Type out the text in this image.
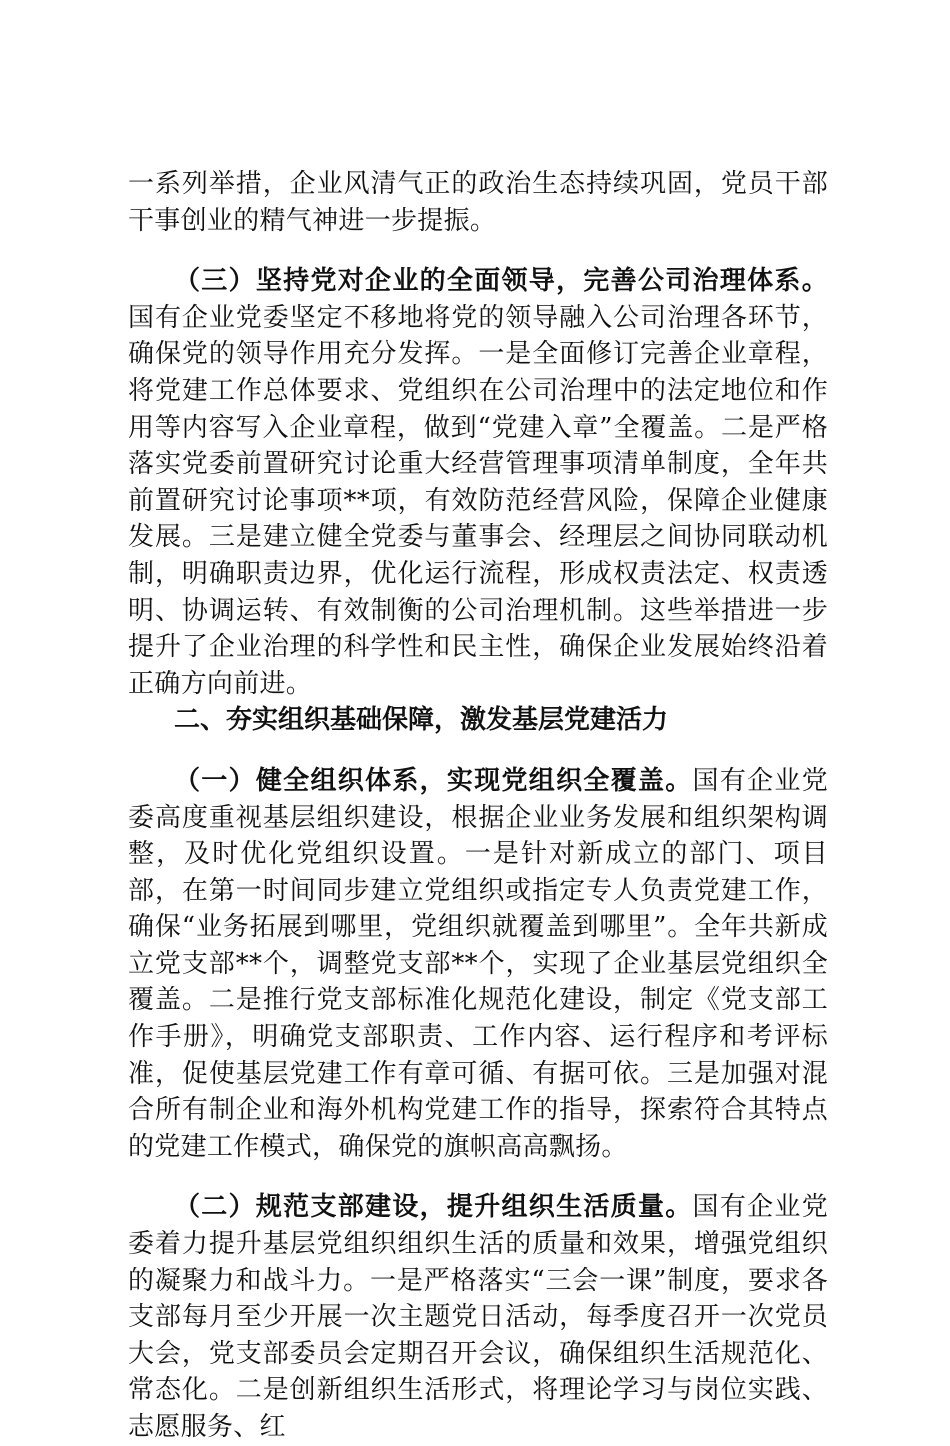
一系列举措，企业风清气正的政治生态持续巩固，党员干部干事创业的精气神进一步提振。

（三）坚持党对企业的全面领导，完善公司治理体系。国有企业党委坚定不移地将党的领导融入公司治理各环节，确保党的领导作用充分发挥。一是全面修订完善企业章程，将党建工作总体要求、党组织在公司治理中的法定地位和作用等内容写入企业章程，做到“党建入章”全覆盖。二是严格落实党委前置研究讨论重大经营管理事项清单制度，全年共前置研究讨论事项**项，有效防范经营风险，保障企业健康发展。三是建立健全党委与董事会、经理层之间协同联动机制，明确职责边界，优化运行流程，形成权责法定、权责透明、协调运转、有效制衡的公司治理机制。这些举措进一步提升了企业治理的科学性和民主性，确保企业发展始终沿着正确方向前进。

二、夯实组织基础保障，激发基层党建活力

（一）健全组织体系，实现党组织全覆盖。国有企业党委高度重视基层组织建设，根据企业业务发展和组织架构调整，及时优化党组织设置。一是针对新成立的部门、项目部，在第一时间同步建立党组织或指定专人负责党建工作，确保“业务拓展到哪里，党组织就覆盖到哪里”。全年共新成立党支部**个，调整党支部**个，实现了企业基层党组织全覆盖。二是推行党支部标准化规范化建设，制定《党支部工作手册》，明确党支部职责、工作内容、运行程序和考评标准，促使基层党建工作有章可循、有据可依。三是加强对混合所有制企业和海外机构党建工作的指导，探索符合其特点的党建工作模式，确保党的旗帜高高飘扬。

（二）规范支部建设，提升组织生活质量。国有企业党委着力提升基层党组织组织生活的质量和效果，增强党组织的凝聚力和战斗力。一是严格落实“三会一课”制度，要求各支部每月至少开展一次主题党日活动，每季度召开一次党员大会，党支部委员会定期召开会议，确保组织生活规范化、常态化。二是创新组织生活形式，将理论学习与岗位实践、志愿服务、红
